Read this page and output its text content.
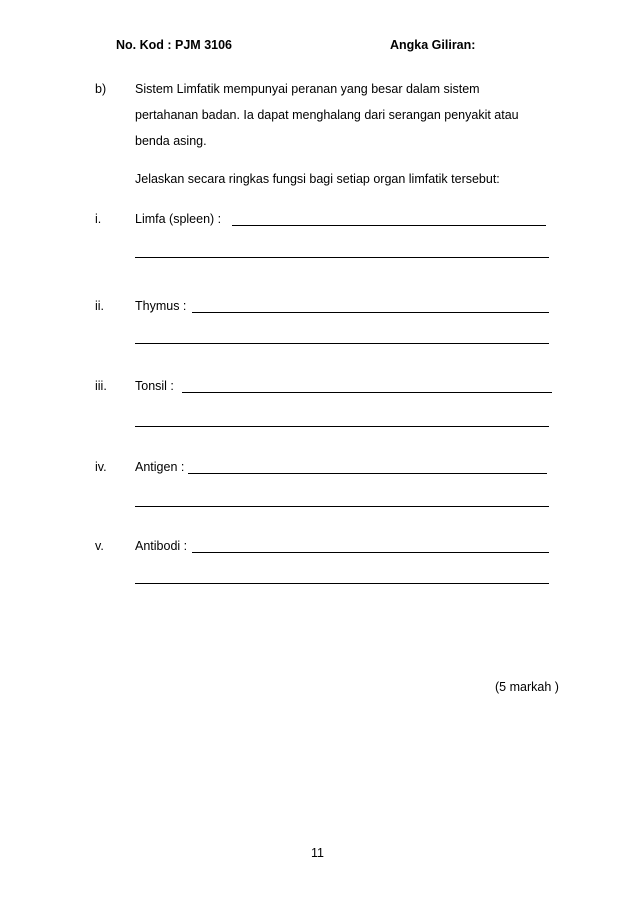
No. Kod : PJM 3106	Angka Giliran:
b) Sistem Limfatik mempunyai peranan yang besar dalam sistem
pertahanan badan. Ia dapat menghalang dari serangan penyakit atau
benda asing.
Jelaskan secara ringkas fungsi bagi setiap organ limfatik tersebut:
i.	Limfa (spleen) :
ii. Thymus :
iii. Tonsil :
iv. Antigen :
v. Antibodi :
(5 markah )
11
